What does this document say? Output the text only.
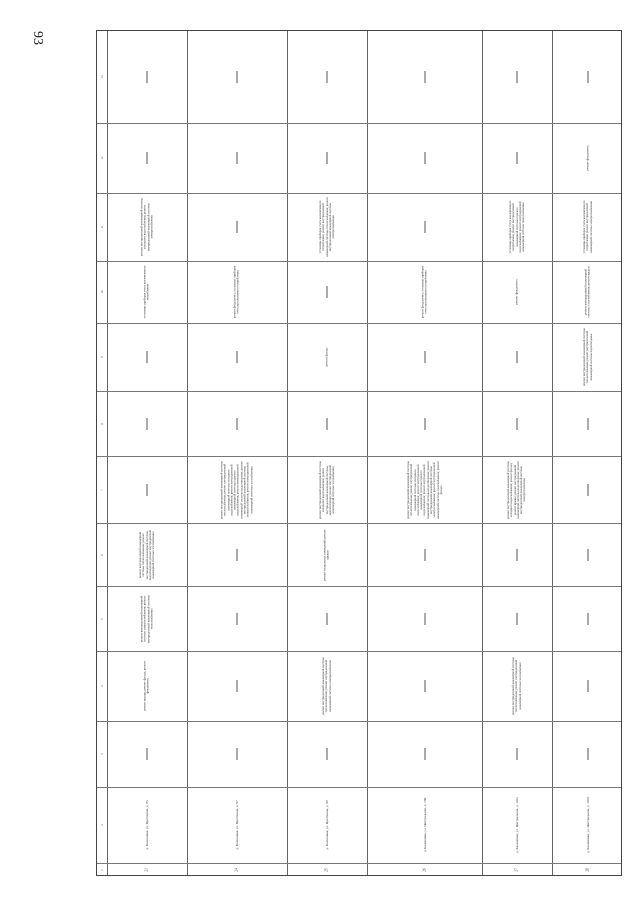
93
1
2
3
4
5
6
7
8
9
10
11
12
13
23
д. Калиновка, ул. Цветочная, д. 95
ремонт крыши; ремонт фасада; ремонт фундамента
ремонт внутридомовой инженерной системы электроснабжения; ремонт внутридомовой инженерной системы теплоснабжения
ремонт внутридомовой инженерной системы теплоснабжения; ремонт внутридомовой инженерной системы водоотведения; ремонт внутридомовой инженерной системы газоснабжения
установка приборов учета коллективного потребления
ремонт внутридомовой инженерной системы холодного водоснабжения; ремонт внутридомовой инженерной системы электроснабжения
24
д. Калиновка, ул. Цветочная, д. 97
ремонт внутридомовой инженерной системы теплоснабжения; ремонт внутридомовой инженерной системы холодного водоснабжения; ремонт внутридомовой инженерной системы горячего водоснабжения; ремонт внутридомовой инженерной системы водоотведения; ремонт внутридомовой инженерной системы электроснабжения; ремонт внутридомовой инженерной системы газоснабжения
ремонт фундамента; установка приборов учета коллективного потребления
25
д. Калиновка, ул. Цветочная, д. 99
ремонт внутридомовой инженерной системы теплоснабжения; ремонт внутридомовой инженерной системы электроснабжения
ремонт подвальных помещений; ремонт крыши
ремонт внутридомовой инженерной системы холодного водоснабжения; ремонт внутридомовой инженерной системы водоотведения; ремонт внутридомовой инженерной системы газоснабжения
ремонт фасада
установка приборов учета коллективного потребления; ремонт внутридомовой инженерной системы теплоснабжения; ремонт внутридомовой инженерной системы электроснабжения
26
д. Калиновка, ул. Центральная, д. 100
ремонт внутридомовой инженерной системы теплоснабжения; ремонт внутридомовой инженерной системы холодного водоснабжения; ремонт внутридомовой инженерной системы горячего водоснабжения; ремонт внутридомовой инженерной системы водоотведения; ремонт внутридомовой инженерной системы электроснабжения; ремонт внутридомовой инженерной системы газоснабжения; ремонт фасада
ремонт фундамента; установка приборов учета коллективного потребления
27
д. Калиновка, ул. Центральная, д. 101а
ремонт внутридомовой инженерной системы теплоснабжения; ремонт внутридомовой инженерной системы газоснабжения
ремонт внутридомовой инженерной системы холодного водоснабжения; ремонт фасада; ремонт крыши; ремонт внутридомовой инженерной системы водоотведения; ремонт внутридомовой инженерной системы электроснабжения
ремонт фундамента
установка приборов учета коллективного потребления; ремонт внутридомовой инженерной системы горячего водоснабжения; ремонт внутридомовой инженерной системы теплоснабжения
28
д. Калиновка, ул. Центральная, д. 101б
ремонт внутридомовой инженерной системы теплоснабжения; ремонт внутридомовой инженерной системы водоотведения
ремонт внутридомовой инженерной системы газоснабжения; ремонт крыши
установка приборов учета коллективного потребления; ремонт внутридомовой инженерной системы электроснабжения
ремонт фундамента
